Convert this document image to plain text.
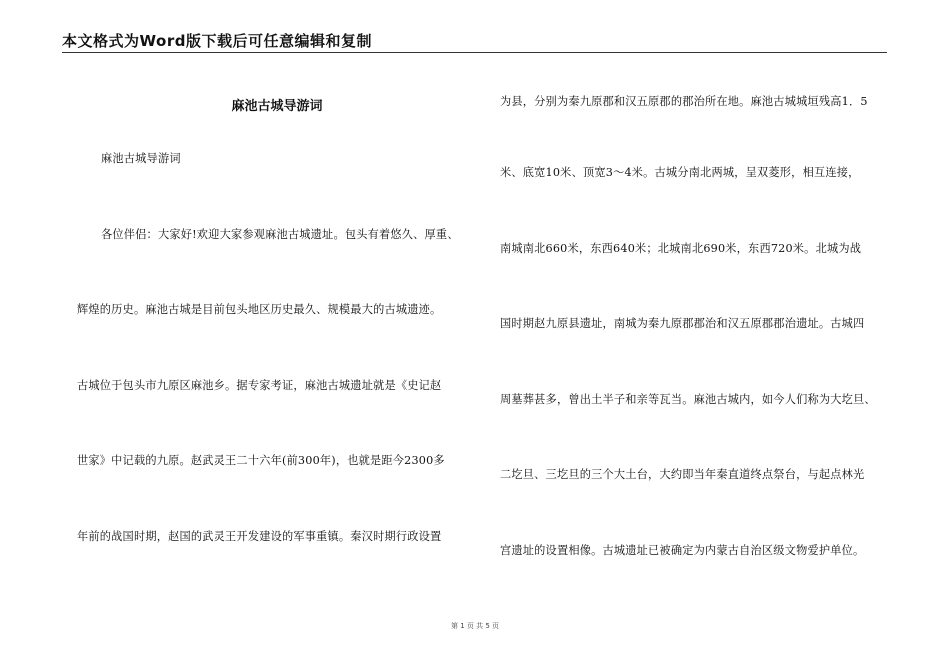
本文格式为Word版下载后可任意编辑和复制
麻池古城导游词
麻池古城导游词
各位伴侣：大家好!欢迎大家参观麻池古城遗址。包头有着悠久、厚重、
辉煌的历史。麻池古城是目前包头地区历史最久、规模最大的古城遗迹。
古城位于包头市九原区麻池乡。据专家考证，麻池古城遗址就是《史记赵
世家》中记载的九原。赵武灵王二十六年(前300年)，也就是距今2300多
年前的战国时期，赵国的武灵王开发建设的军事重镇。秦汉时期行政设置
为县，分别为秦九原郡和汉五原郡的郡治所在地。麻池古城城垣残高1．5
米、底宽10米、顶宽3～4米。古城分南北两城，呈双菱形，相互连接，
南城南北660米，东西640米；北城南北690米，东西720米。北城为战
国时期赵九原县遗址，南城为秦九原郡郡治和汉五原郡郡治遗址。古城四
周墓葬甚多，曾出土半子和亲等瓦当。麻池古城内，如今人们称为大圪旦、
二圪旦、三圪旦的三个大土台，大约即当年秦直道终点祭台，与起点林光
宫遗址的设置相像。古城遗址已被确定为内蒙古自治区级文物爱护单位。
第 1 页 共 5 页
